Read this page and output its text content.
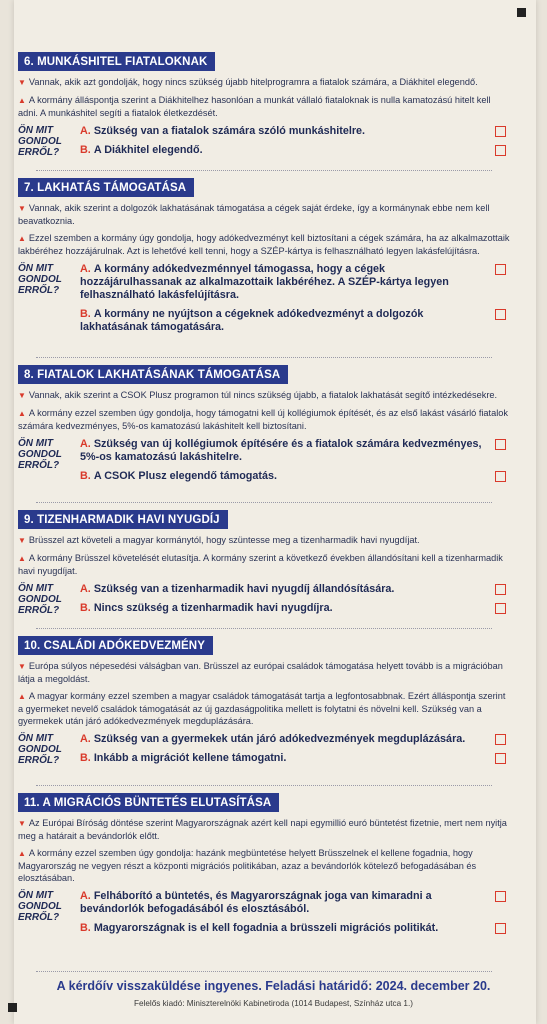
6. MUNKÁSHITEL FIATALOKNAK
▼ Vannak, akik azt gondolják, hogy nincs szükség újabb hitelprogramra a fiatalok számára, a Diákhitel elegendő.
▲ A kormány álláspontja szerint a Diákhitelhez hasonlóan a munkát vállaló fiataloknak is nulla kamatozású hitelt kell adni. A munkáshitel segíti a fiatalok életkezdését.
ÖN MIT GONDOL ERRŐL?
A. Szükség van a fiatalok számára szóló munkáshitelre.
B. A Diákhitel elegendő.
7. LAKHATÁS TÁMOGATÁSA
▼ Vannak, akik szerint a dolgozók lakhatásának támogatása a cégek saját érdeke, így a kormánynak ebbe nem kell beavatkoznia.
▲ Ezzel szemben a kormány úgy gondolja, hogy adókedvezményt kell biztosítani a cégek számára, ha az alkalmazottaik lakbéréhez hozzájárulnak. Azt is lehetővé kell tenni, hogy a SZÉP-kártya is felhasználható legyen lakásfelújításra.
ÖN MIT GONDOL ERRŐL?
A. A kormány adókedvezménnyel támogassa, hogy a cégek hozzájárulhassanak az alkalmazottaik lakbéréhez. A SZÉP-kártya legyen felhasználható lakásfelújításra.
B. A kormány ne nyújtson a cégeknek adókedvezményt a dolgozók lakhatásának támogatására.
8. FIATALOK LAKHATÁSÁNAK TÁMOGATÁSA
▼ Vannak, akik szerint a CSOK Plusz programon túl nincs szükség újabb, a fiatalok lakhatását segítő intézkedésekre.
▲ A kormány ezzel szemben úgy gondolja, hogy támogatni kell új kollégiumok építését, és az első lakást vásárló fiatalok számára kedvezményes, 5%-os kamatozású lakáshitelt kell biztosítani.
ÖN MIT GONDOL ERRŐL?
A. Szükség van új kollégiumok építésére és a fiatalok számára kedvezményes, 5%-os kamatozású lakáshitelre.
B. A CSOK Plusz elegendő támogatás.
9. TIZENHARMADIK HAVI NYUGDÍJ
▼ Brüsszel azt követeli a magyar kormánytól, hogy szüntesse meg a tizenharmadik havi nyugdíjat.
▲ A kormány Brüsszel követelését elutasítja. A kormány szerint a következő években állandósítani kell a tizenharmadik havi nyugdíjat.
ÖN MIT GONDOL ERRŐL?
A. Szükség van a tizenharmadik havi nyugdíj állandósítására.
B. Nincs szükség a tizenharmadik havi nyugdíjra.
10. CSALÁDI ADÓKEDVEZMÉNY
▼ Európa súlyos népesedési válságban van. Brüsszel az európai családok támogatása helyett tovább is a migrációban látja a megoldást.
▲ A magyar kormány ezzel szemben a magyar családok támogatását tartja a legfontosabbnak. Ezért álláspontja szerint a gyermeket nevelő családok támogatását az új gazdaságpolitika mellett is folytatni és növelni kell. Szükség van a gyermekek után járó adókedvezmények megduplázására.
ÖN MIT GONDOL ERRŐL?
A. Szükség van a gyermekek után járó adókedvezmények megduplázására.
B. Inkább a migrációt kellene támogatni.
11. A MIGRÁCIÓS BÜNTETÉS ELUTASÍTÁSA
▼ Az Európai Bíróság döntése szerint Magyarországnak azért kell napi egymillió euró büntetést fizetnie, mert nem nyitja meg a határait a bevándorlók előtt.
▲ A kormány ezzel szemben úgy gondolja: hazánk megbüntetése helyett Brüsszelnek el kellene fogadnia, hogy Magyarország ne vegyen részt a központi migrációs politikában, azaz a bevándorlók kötelező befogadásában és elosztásában.
ÖN MIT GONDOL ERRŐL?
A. Felháborító a büntetés, és Magyarországnak joga van kimaradni a bevándorlók befogadásából és elosztásából.
B. Magyarországnak is el kell fogadnia a brüsszeli migrációs politikát.
A kérdőív visszaküldése ingyenes. Feladási határidő: 2024. december 20.
Felelős kiadó: Miniszterelnöki Kabinetiroda (1014 Budapest, Színház utca 1.)
